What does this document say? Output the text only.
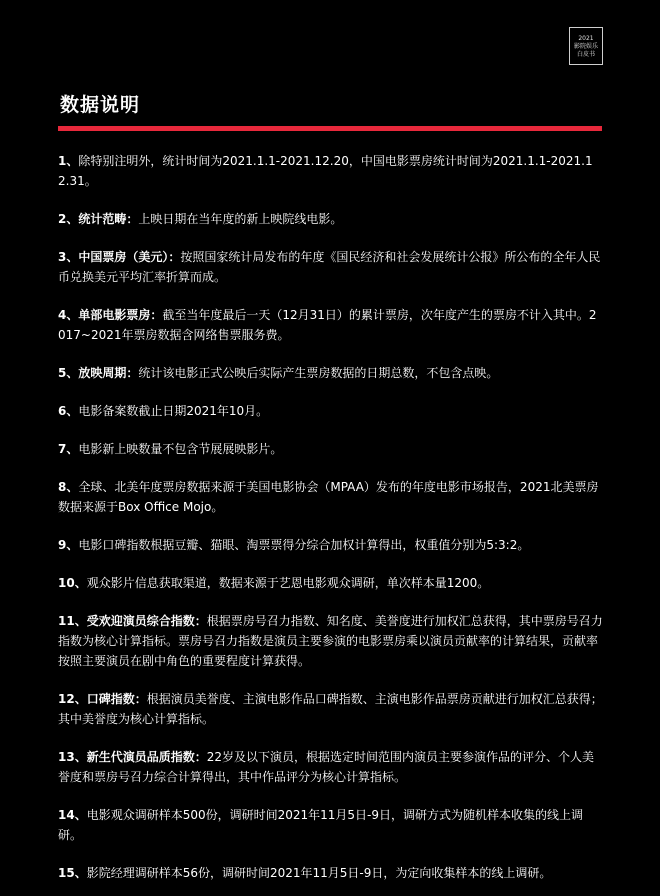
2021
影院娱乐
白皮书
数据说明
1、除特别注明外，统计时间为2021.1.1-2021.12.20，中国电影票房统计时间为2021.1.1-2021.12.31。
2、统计范畴：上映日期在当年度的新上映院线电影。
3、中国票房（美元）：按照国家统计局发布的年度《国民经济和社会发展统计公报》所公布的全年人民币兑换美元平均汇率折算而成。
4、单部电影票房：截至当年度最后一天（12月31日）的累计票房，次年度产生的票房不计入其中。2017~2021年票房数据含网络售票服务费。
5、放映周期：统计该电影正式公映后实际产生票房数据的日期总数，不包含点映。
6、电影备案数截止日期2021年10月。
7、电影新上映数量不包含节展展映影片。
8、全球、北美年度票房数据来源于美国电影协会（MPAA）发布的年度电影市场报告，2021北美票房数据来源于Box Office Mojo。
9、电影口碑指数根据豆瓣、猫眼、淘票票得分综合加权计算得出，权重值分别为5:3:2。
10、观众影片信息获取渠道，数据来源于艺恩电影观众调研，单次样本量1200。
11、受欢迎演员综合指数：根据票房号召力指数、知名度、美誉度进行加权汇总获得，其中票房号召力指数为核心计算指标。票房号召力指数是演员主要参演的电影票房乘以演员贡献率的计算结果，贡献率按照主要演员在剧中角色的重要程度计算获得。
12、口碑指数：根据演员美誉度、主演电影作品口碑指数、主演电影作品票房贡献进行加权汇总获得；其中美誉度为核心计算指标。
13、新生代演员品质指数：22岁及以下演员，根据选定时间范围内演员主要参演作品的评分、个人美誉度和票房号召力综合计算得出，其中作品评分为核心计算指标。
14、电影观众调研样本500份，调研时间2021年11月5日-9日，调研方式为随机样本收集的线上调研。
15、影院经理调研样本56份，调研时间2021年11月5日-9日，为定向收集样本的线上调研。
